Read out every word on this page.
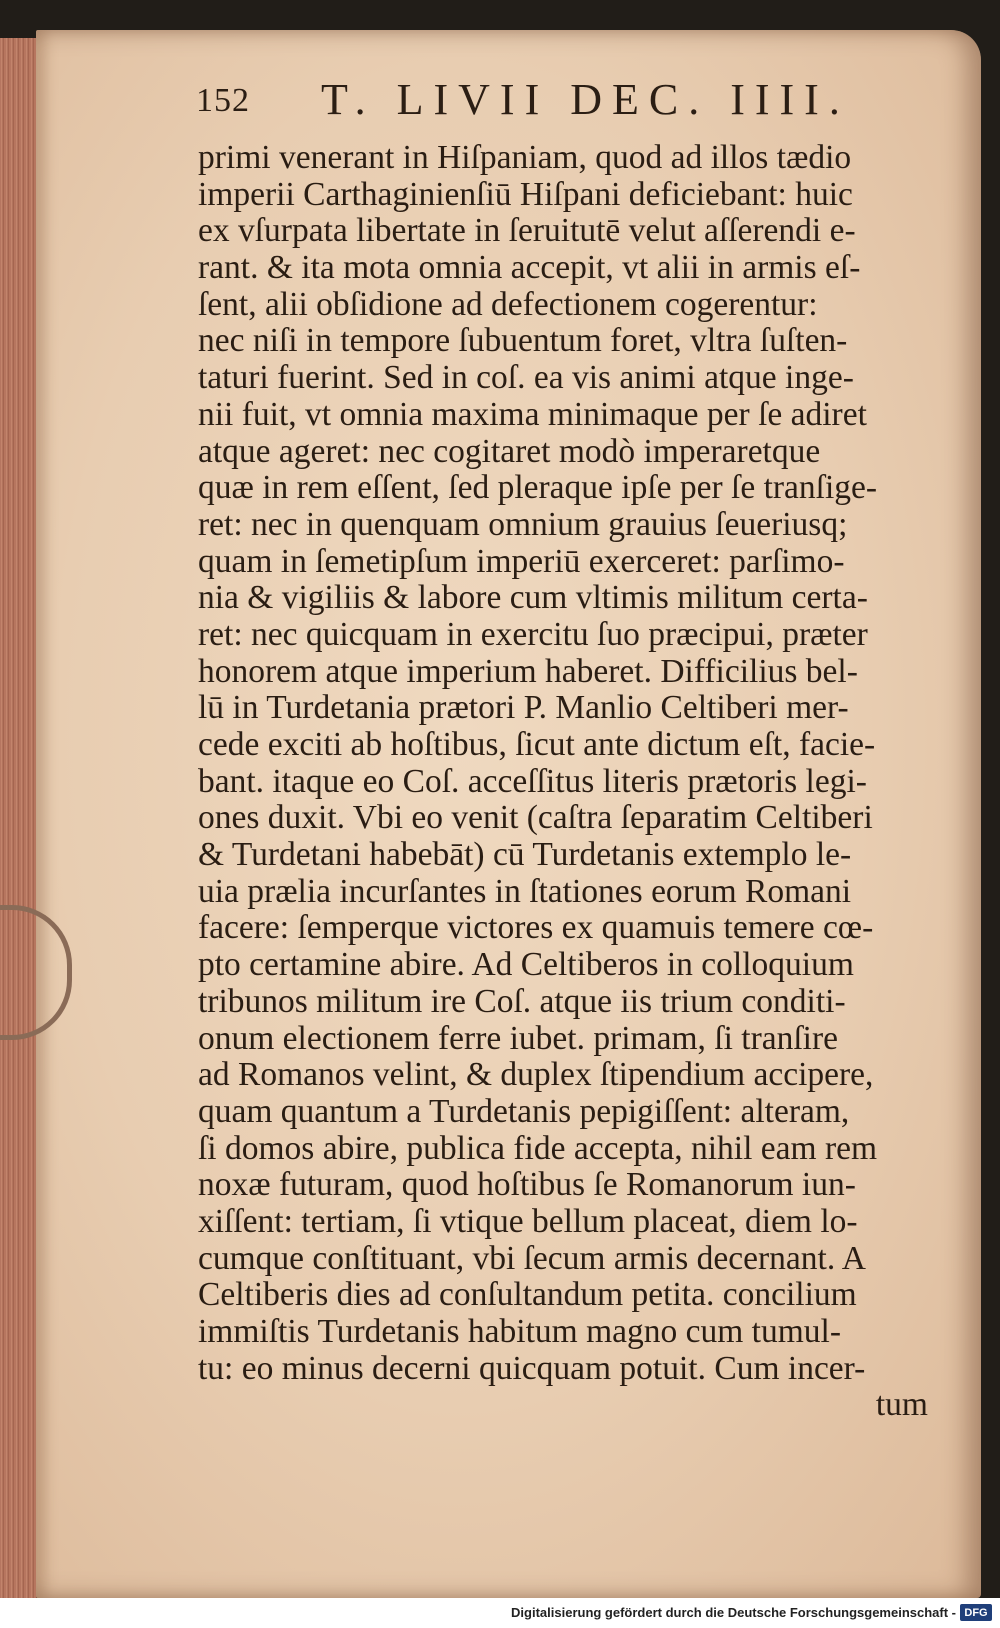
152 T. LIVII DEC. IIII.
primi venerant in Hiſpaniam, quod ad illos tædio
imperii Carthaginienſiū Hiſpani deficiebant: huic
ex vſurpata libertate in ſeruitutē velut aſſerendi e-
rant. & ita mota omnia accepit, vt alii in armis eſ-
ſent, alii obſidione ad defectionem cogerentur:
nec niſi in tempore ſubuentum foret, vltra ſuſten-
taturi fuerint. Sed in coſ. ea vis animi atque inge-
nii fuit, vt omnia maxima minimaque per ſe adiret
atque ageret: nec cogitaret modò imperaretque
quæ in rem eſſent, ſed pleraque ipſe per ſe tranſige-
ret: nec in quenquam omnium grauius ſeueriusq;
quam in ſemetipſum imperiū exerceret: parſimo-
nia & vigiliis & labore cum vltimis militum certa-
ret: nec quicquam in exercitu ſuo præcipui, præter
honorem atque imperium haberet. Difficilius bel-
lū in Turdetania prætori P. Manlio Celtiberi mer-
cede exciti ab hoſtibus, ſicut ante dictum eſt, facie-
bant. itaque eo Coſ. acceſſitus literis prætoris legi-
ones duxit. Vbi eo venit (caſtra ſeparatim Celtiberi
& Turdetani habebāt) cū Turdetanis extemplo le-
uia prælia incurſantes in ſtationes eorum Romani
facere: ſemperque victores ex quamuis temere cœ-
pto certamine abire. Ad Celtiberos in colloquium
tribunos militum ire Coſ. atque iis trium conditi-
onum electionem ferre iubet. primam, ſi tranſire
ad Romanos velint, & duplex ſtipendium accipere,
quam quantum a Turdetanis pepigiſſent: alteram,
ſi domos abire, publica fide accepta, nihil eam rem
noxæ futuram, quod hoſtibus ſe Romanorum iun-
xiſſent: tertiam, ſi vtique bellum placeat, diem lo-
cumque conſtituant, vbi ſecum armis decernant. A
Celtiberis dies ad conſultandum petita. concilium
immiſtis Turdetanis habitum magno cum tumul-
tu: eo minus decerni quicquam potuit. Cum incer-
tum
Digitalisierung gefördert durch die Deutsche Forschungsgemeinschaft - DFG
